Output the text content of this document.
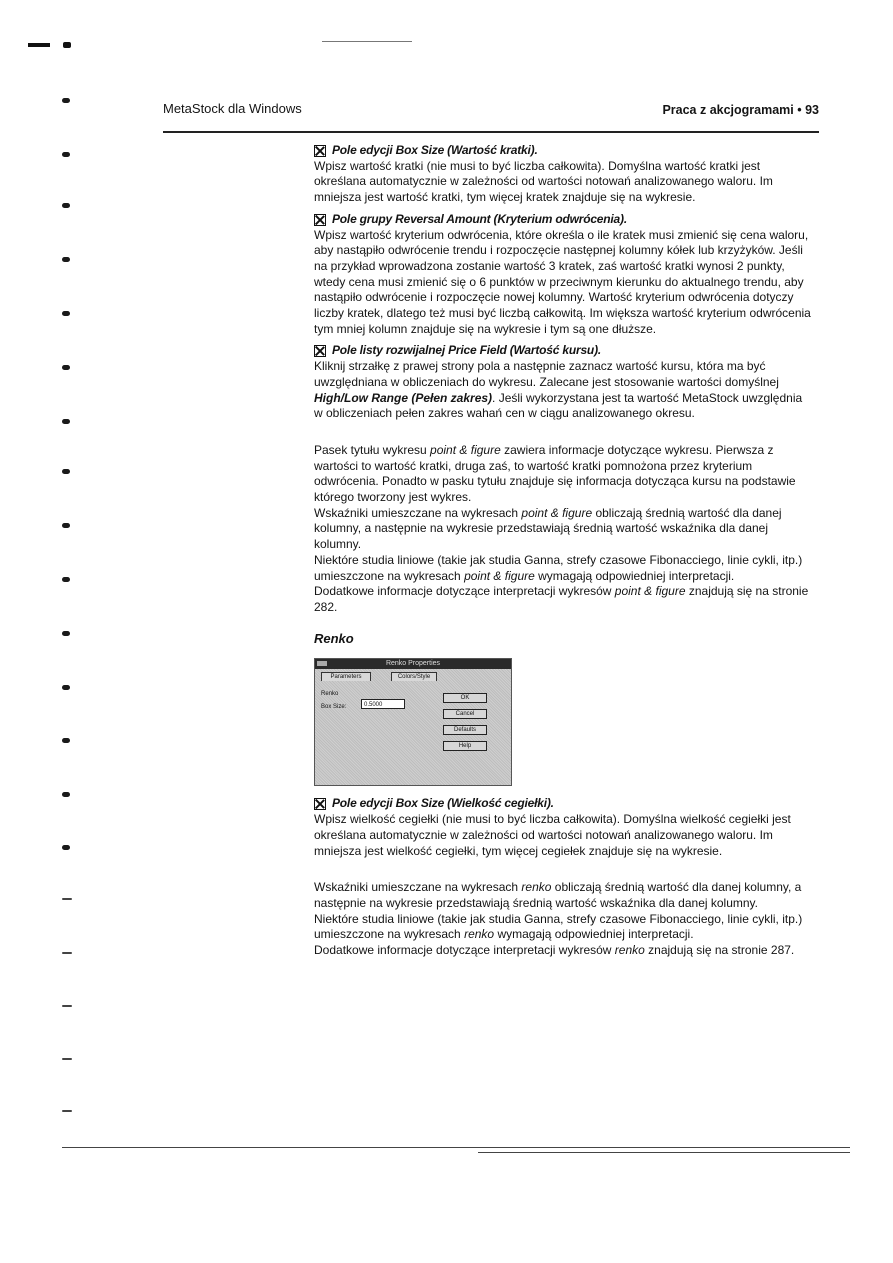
MetaStock dla Windows	Praca z akcjogramami • 93
Pole edycji Box Size (Wartość kratki).

Wpisz wartość kratki (nie musi to być liczba całkowita). Domyślna wartość kratki jest określana automatycznie w zależności od wartości notowań analizowanego waloru. Im mniejsza jest wartość kratki, tym więcej kratek znajduje się na wykresie.

Pole grupy Reversal Amount (Kryterium odwrócenia).

Wpisz wartość kryterium odwrócenia, które określa o ile kratek musi zmienić się cena waloru, aby nastąpiło odwrócenie trendu i rozpoczęcie następnej kolumny kółek lub krzyżyków. Jeśli na przykład wprowadzona zostanie wartość 3 kratek, zaś wartość kratki wynosi 2 punkty, wtedy cena musi zmienić się o 6 punktów w przeciwnym kierunku do aktualnego trendu, aby nastąpiło odwrócenie i rozpoczęcie nowej kolumny. Wartość kryterium odwrócenia dotyczy liczby kratek, dlatego też musi być liczbą całkowitą. Im większa wartość kryterium odwrócenia tym mniej kolumn znajduje się na wykresie i tym są one dłuższe.

Pole listy rozwijalnej Price Field (Wartość kursu).

Kliknij strzałkę z prawej strony pola a następnie zaznacz wartość kursu, która ma być uwzględniana w obliczeniach do wykresu. Zalecane jest stosowanie wartości domyślnej High/Low Range (Pełen zakres). Jeśli wykorzystana jest ta wartość MetaStock uwzględnia w obliczeniach pełen zakres wahań cen w ciągu analizowanego okresu.

Pasek tytułu wykresu point & figure zawiera informacje dotyczące wykresu. Pierwsza z wartości to wartość kratki, druga zaś, to wartość kratki pomnożona przez kryterium odwrócenia. Ponadto w pasku tytułu znajduje się informacja dotycząca kursu na podstawie którego tworzony jest wykres.

Wskaźniki umieszczane na wykresach point & figure obliczają średnią wartość dla danej kolumny, a następnie na wykresie przedstawiają średnią wartość wskaźnika dla danej kolumny.

Niektóre studia liniowe (takie jak studia Ganna, strefy czasowe Fibonacciego, linie cykli, itp.) umieszczone na wykresach point & figure wymagają odpowiedniej interpretacji.

Dodatkowe informacje dotyczące interpretacji wykresów point & figure znajdują się na stronie 282.

Renko

Renko Properties
Parameters	Colors/Style
Renko
Box Size:	0.5000
OK
Cancel
Defaults
Help
Pole edycji Box Size (Wielkość cegiełki).

Wpisz wielkość cegiełki (nie musi to być liczba całkowita). Domyślna wielkość cegiełki jest określana automatycznie w zależności od wartości notowań analizowanego waloru. Im mniejsza jest wielkość cegiełki, tym więcej cegiełek znajduje się na wykresie.

Wskaźniki umieszczane na wykresach renko obliczają średnią wartość dla danej kolumny, a następnie na wykresie przedstawiają średnią wartość wskaźnika dla danej kolumny.

Niektóre studia liniowe (takie jak studia Ganna, strefy czasowe Fibonacciego, linie cykli, itp.) umieszczone na wykresach renko wymagają odpowiedniej interpretacji.

Dodatkowe informacje dotyczące interpretacji wykresów renko znajdują się na stronie 287.
